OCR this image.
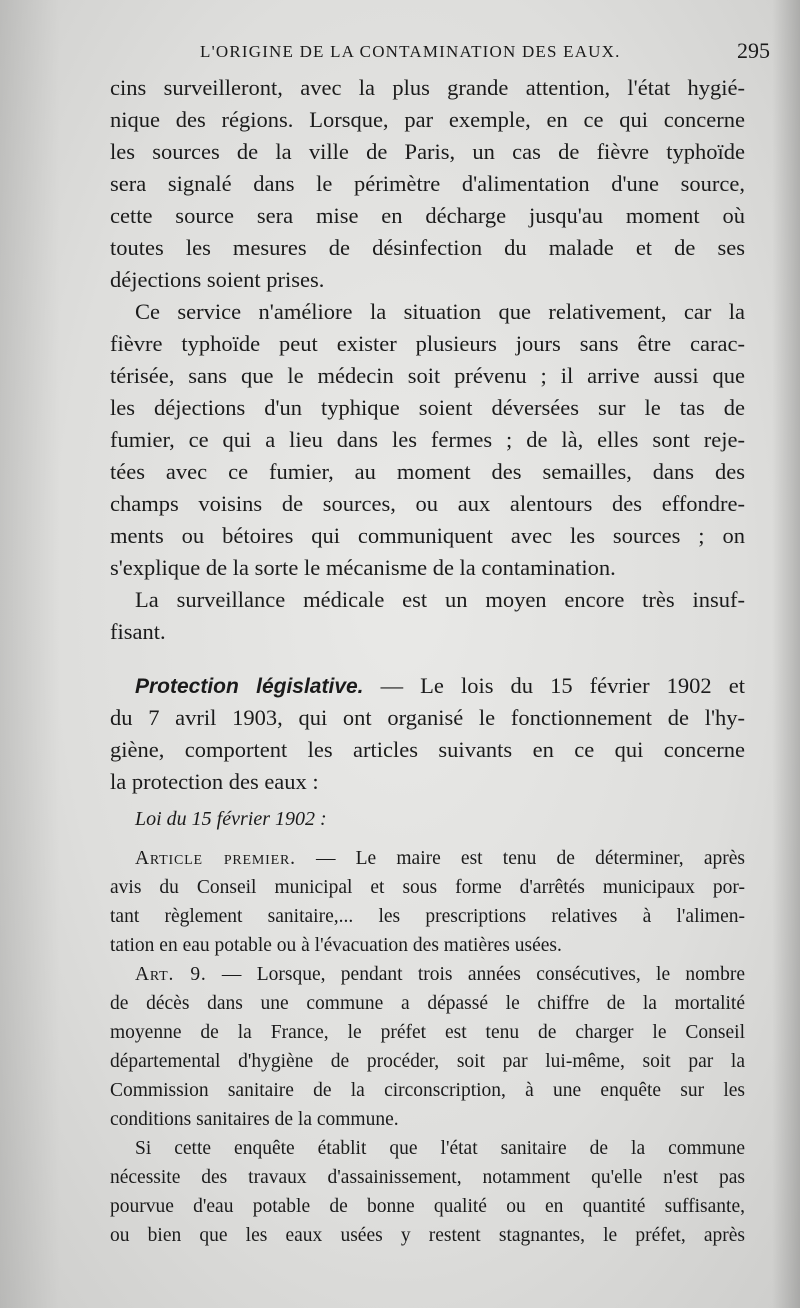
L'ORIGINE DE LA CONTAMINATION DES EAUX.	295
cins surveilleront, avec la plus grande attention, l'état hygié-
nique des régions. Lorsque, par exemple, en ce qui concerne
les sources de la ville de Paris, un cas de fièvre typhoïde
sera signalé dans le périmètre d'alimentation d'une source,
cette source sera mise en décharge jusqu'au moment où
toutes les mesures de désinfection du malade et de ses
déjections soient prises.
Ce service n'améliore la situation que relativement, car la
fièvre typhoïde peut exister plusieurs jours sans être carac-
térisée, sans que le médecin soit prévenu ; il arrive aussi que
les déjections d'un typhique soient déversées sur le tas de
fumier, ce qui a lieu dans les fermes ; de là, elles sont reje-
tées avec ce fumier, au moment des semailles, dans des
champs voisins de sources, ou aux alentours des effondre-
ments ou bétoires qui communiquent avec les sources ; on
s'explique de la sorte le mécanisme de la contamination.
La surveillance médicale est un moyen encore très insuf-
fisant.
Protection législative. — Le lois du 15 février 1902 et
du 7 avril 1903, qui ont organisé le fonctionnement de l'hy-
giène, comportent les articles suivants en ce qui concerne
la protection des eaux :
Loi du 15 février 1902 :
Article premier. — Le maire est tenu de déterminer, après
avis du Conseil municipal et sous forme d'arrêtés municipaux por-
tant règlement sanitaire,... les prescriptions relatives à l'alimen-
tation en eau potable ou à l'évacuation des matières usées.
Art. 9. — Lorsque, pendant trois années consécutives, le nombre
de décès dans une commune a dépassé le chiffre de la mortalité
moyenne de la France, le préfet est tenu de charger le Conseil
départemental d'hygiène de procéder, soit par lui-même, soit par la
Commission sanitaire de la circonscription, à une enquête sur les
conditions sanitaires de la commune.
Si cette enquête établit que l'état sanitaire de la commune
nécessite des travaux d'assainissement, notamment qu'elle n'est pas
pourvue d'eau potable de bonne qualité ou en quantité suffisante,
ou bien que les eaux usées y restent stagnantes, le préfet, après
